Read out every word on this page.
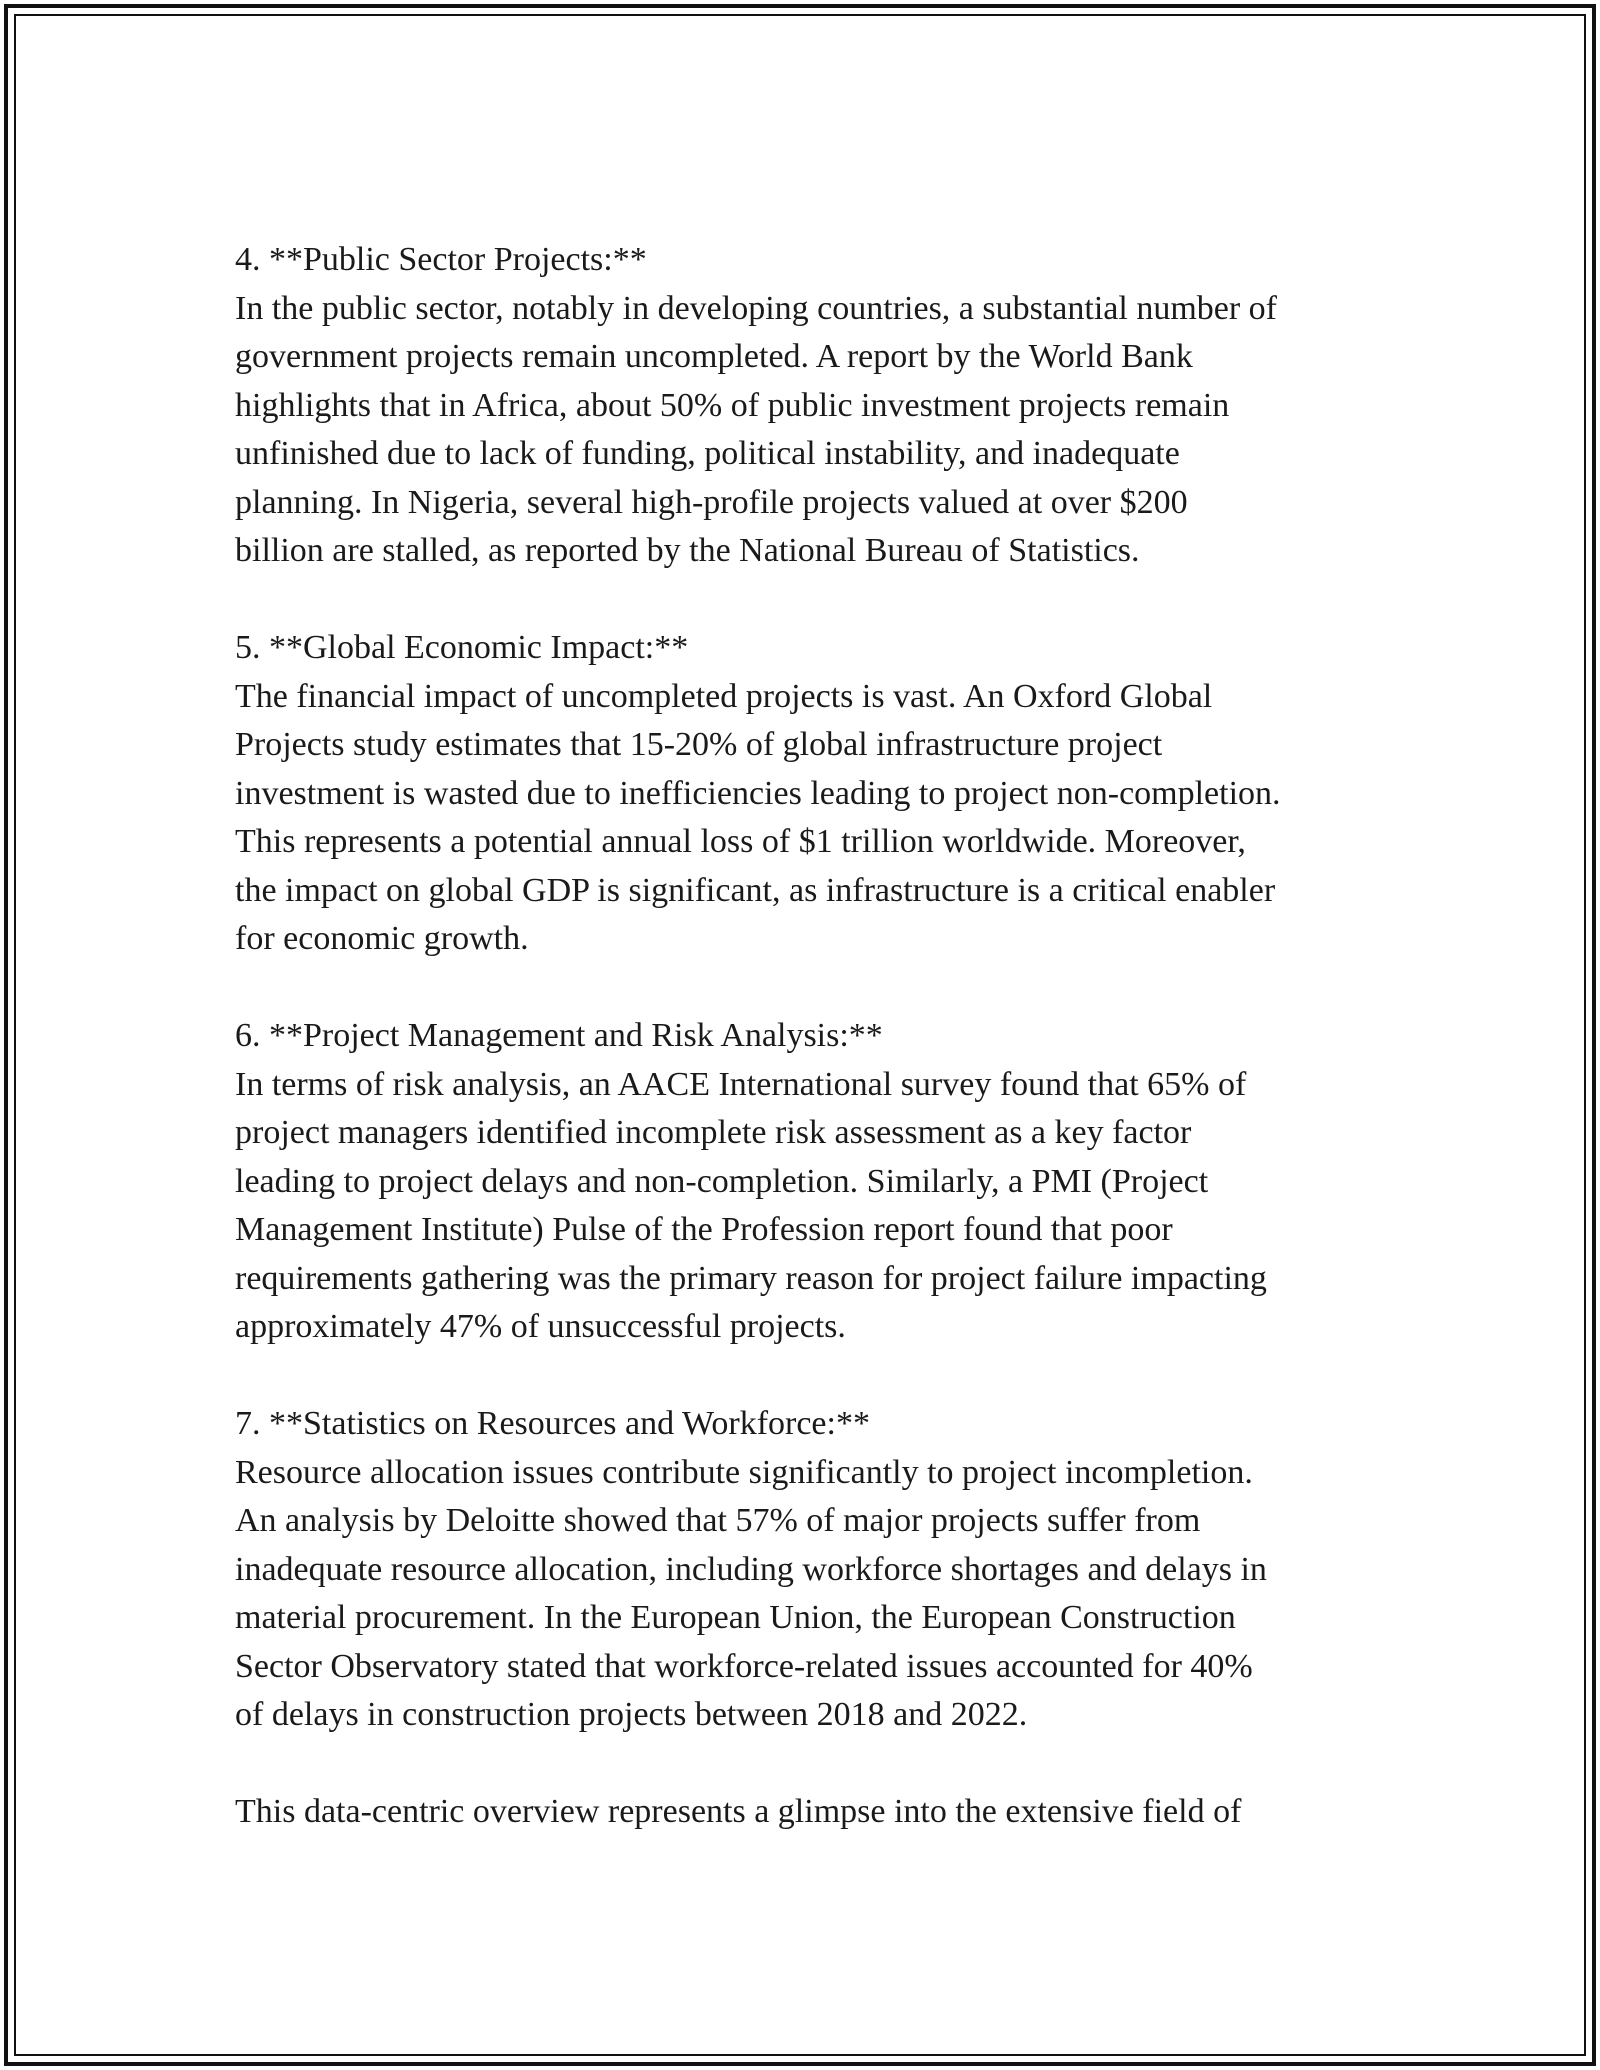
4. **Public Sector Projects:**

In the public sector, notably in developing countries, a substantial number of
government projects remain uncompleted. A report by the World Bank
highlights that in Africa, about 50% of public investment projects remain
unfinished due to lack of funding, political instability, and inadequate
planning. In Nigeria, several high-profile projects valued at over $200
billion are stalled, as reported by the National Bureau of Statistics.

5. **Global Economic Impact:**

The financial impact of uncompleted projects is vast. An Oxford Global
Projects study estimates that 15-20% of global infrastructure project
investment is wasted due to inefficiencies leading to project non-completion.
This represents a potential annual loss of $1 trillion worldwide. Moreover,
the impact on global GDP is significant, as infrastructure is a critical enabler
for economic growth.

6. **Project Management and Risk Analysis:**

In terms of risk analysis, an AACE International survey found that 65% of
project managers identified incomplete risk assessment as a key factor
leading to project delays and non-completion. Similarly, a PMI (Project
Management Institute) Pulse of the Profession report found that poor
requirements gathering was the primary reason for project failure impacting
approximately 47% of unsuccessful projects.

7. **Statistics on Resources and Workforce:**

Resource allocation issues contribute significantly to project incompletion.
An analysis by Deloitte showed that 57% of major projects suffer from
inadequate resource allocation, including workforce shortages and delays in
material procurement. In the European Union, the European Construction
Sector Observatory stated that workforce-related issues accounted for 40%
of delays in construction projects between 2018 and 2022.

This data-centric overview represents a glimpse into the extensive field of
